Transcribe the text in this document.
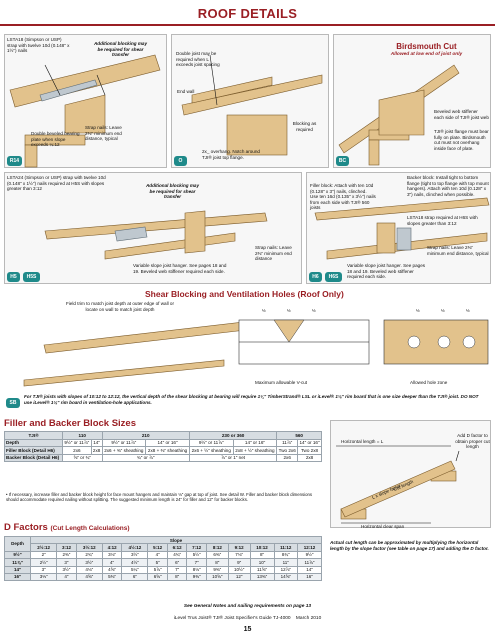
ROOF DETAILS
LSTA18 (Simpson or USP) strap with twelve 10d (0.148" x 1½") nails
Additional blocking may be required for shear transfer
Double beveled bearing plate when slope exceeds ¼:12
Strap nails: Leave 2⅜" minimum end distance, typical
R14
Double joist may be required when L exceeds joist spacing
End wall
2x_ overhang. Notch around TJI® joist top flange.
Blocking as required
O
Birdsmouth Cut
Allowed at low end of joist only
Beveled web stiffener each side of TJI® joist web
TJI® joist flange must bear fully on plate. Birdsmouth cut must not overhang inside face of plate.
BC
LSTA24 (Simpson or USP) strap with twelve 10d (0.148" x 1½") nails required at H5S with slopes greater than 3:12
Additional blocking may be required for shear transfer
Strap nails: Leave 2⅜" minimum end distance
Variable slope joist hanger. See pages 18 and 19. Beveled web stiffener required each side.
H5	H5S
Filler block: Attach with ten 10d (0.128" x 3") nails, clinched. Use ten 16d (0.135" x 3½") nails from each side with TJI® 560 joists
Backer block: Install tight to bottom flange (tight to top flange with top mount hangers). Attach with ten 10d (0.128" x 3") nails, clinched when possible.
LSTA18 strap required at H6S with slopes greater than 3:12
Strap nails: Leave 2⅜" minimum end distance, typical
Variable slope joist hanger. See pages 18 and 19. Beveled web stiffener required each side.
H6	H6S
Shear Blocking and Ventilation Holes (Roof Only)
Field trim to match joist depth at outer edge of wall or locate on wall to match joist depth	⅓	⅓	⅓	⅓	⅓	⅓
Maximum allowable V-cut	Allowed hole zone
SB
For TJI® joists with slopes of 10:12 to 12:12, the vertical depth of the shear blocking at bearing will require 1¼" TimberStrand® LSL or iLevel® 1⅛" rim board that is one size deeper than the TJI® joist. DO NOT use iLevel® 1⅛" rim board in ventilation-hole applications.
Filler and Backer Block Sizes
TJI®	110		210		230 or 360		560	
Depth	9½" or 11⅞"	14"	9½" or 11⅞"	14" or 16"	9½" or 11⅞"	14" or 16"	11⅞"	14" or 16"
Filler Block (Detail H6)	2x6	2x8	2x6 + ⅜" sheathing	2x8 + ⅜" sheathing	2x6 + ½" sheathing	2x8 + ½" sheathing	Two 2x6	Two 2x8
Backer Block (Detail H6)	⅝" or ¾"		¾" or ⅞"		⅞" or 1" net		2x6	2x8
• If necessary, increase filler and backer block height for face mount hangers and maintain ⅛" gap at top of joist. See detail W. Filler and backer block dimensions should accommodate required nailing without splitting. The suggested minimum length is 24" for filler and 12" for backer blocks.
D Factors (Cut Length Calculations)
Depth	Slope												
	2½:12	3:12	3½:12	4:12	4½:12	5:12	6:12	7:12	8:12	9:12	10:12	11:12	12:12
9½"	2"	2⅜"	2¾"	3⅛"	3½"	4"	4¾"	5½"	6⅜"	7⅛"	8"	8¾"	9½"
11⅞"	2½"	3"	3½"	4"	4½"	5"	6"	7"	8"	9"	10"	11"	11⅞"
14"	3"	3½"	4⅛"	4⅝"	5¼"	5⅞"	7"	8⅛"	9⅜"	10½"	11⅝"	12⅞"	14"
16"	3⅓"	4"	4⅝"	5⅜"	6"	6⅝"	8"	9⅜"	10⅝"	12"	13⅜"	14⅝"	16"
Horizontal length = L
Add D factor to obtain proper cut length
L x slope factor
Cut length
Horizontal clear span
Actual cut length can be approximated by multiplying the horizontal length by the slope factor (see table on page 17) and adding the D factor.
See General Notes and nailing requirements on page 13
iLevel Trus Joist® TJI® Joist Specifier's Guide TJ-4000 March 2010
15
